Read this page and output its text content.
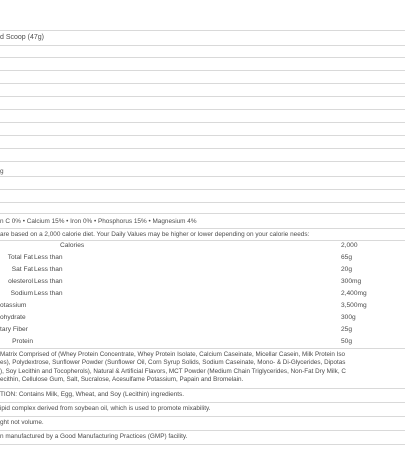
d Scoop (47g)
g
n C 0% • Calcium 15% • Iron 0% • Phosphorus 15% • Magnesium 4%
are based on a 2,000 calorie diet. Your Daily Values may be higher or lower depending on your calorie needs:
Calories	2,000
Total Fat Less than	65g
Sat Fat Less than	20g
olesterol Less than	300mg
Sodium Less than	2,400mg
otassium	3,500mg
ohydrate	300g
tary Fiber	25g
Protein	50g
Matrix Comprised of (Whey Protein Concentrate, Whey Protein Isolate, Calcium Caseinate, Micellar Casein, Milk Protein Iso
es), Polydextrose, Sunflower Powder (Sunflower Oil, Corn Syrup Solids, Sodium Caseinate, Mono- & Di-Glycerides, Dipotas
), Soy Lecithin and Tocopherols), Natural & Artificial Flavors, MCT Powder (Medium Chain Triglycerides, Non-Fat Dry Milk, C
ecithin, Cellulose Gum, Salt, Sucralose, Acesulfame Potassium, Papain and Bromelain.
TION: Contains Milk, Egg, Wheat, and Soy (Lecithin) ingredients.
ipid complex derived from soybean oil, which is used to promote mixability.
ght not volume.
n manufactured by a Good Manufacturing Practices (GMP) facility.
